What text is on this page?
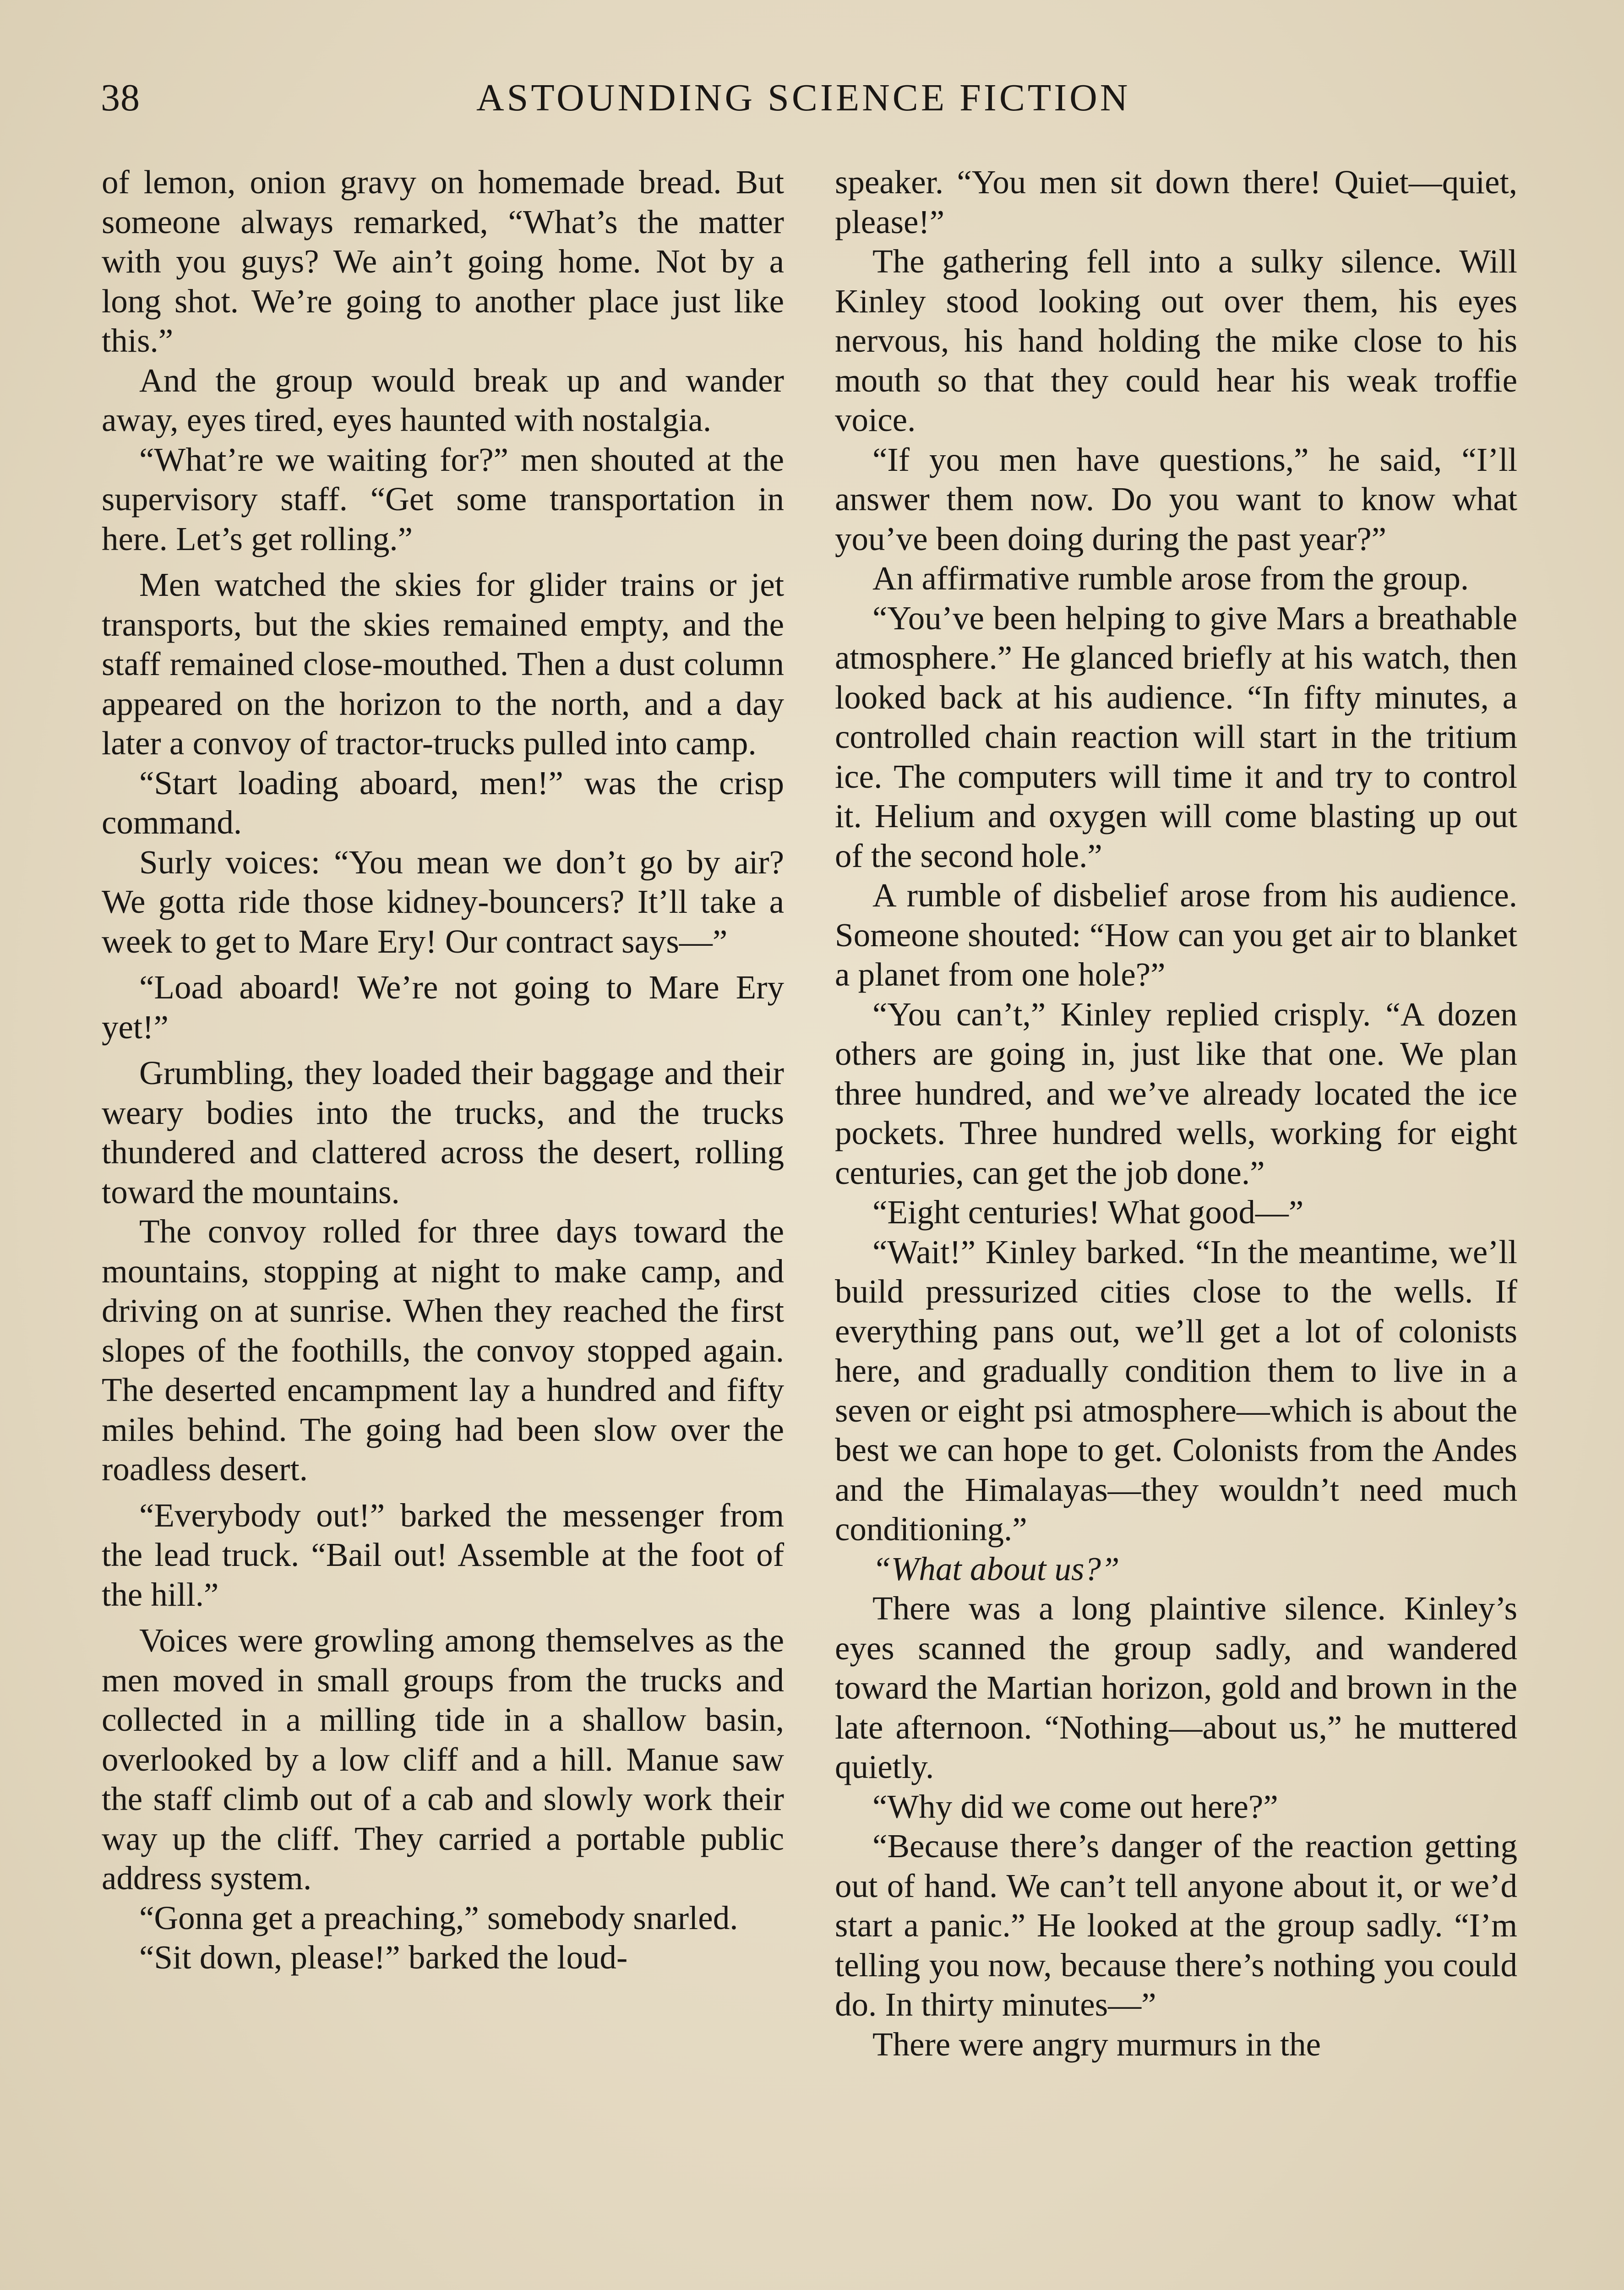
38	ASTOUNDING SCIENCE FICTION

of lemon, onion gravy on homemade bread. But someone always remarked, “What’s the matter with you guys? We ain’t going home. Not by a long shot. We’re going to another place just like this.”

And the group would break up and wander away, eyes tired, eyes haunted with nostalgia.

“What’re we waiting for?” men shouted at the supervisory staff. “Get some transportation in here. Let’s get rolling.”

Men watched the skies for glider trains or jet transports, but the skies remained empty, and the staff remained close-mouthed. Then a dust column appeared on the horizon to the north, and a day later a convoy of tractor-trucks pulled into camp.

“Start loading aboard, men!” was the crisp command.

Surly voices: “You mean we don’t go by air? We gotta ride those kidney-bouncers? It’ll take a week to get to Mare Ery! Our contract says—”

“Load aboard! We’re not going to Mare Ery yet!”

Grumbling, they loaded their baggage and their weary bodies into the trucks, and the trucks thundered and clattered across the desert, rolling toward the mountains.

The convoy rolled for three days toward the mountains, stopping at night to make camp, and driving on at sunrise. When they reached the first slopes of the foothills, the convoy stopped again. The deserted encampment lay a hundred and fifty miles behind. The going had been slow over the roadless desert.

“Everybody out!” barked the messenger from the lead truck. “Bail out! Assemble at the foot of the hill.”

Voices were growling among themselves as the men moved in small groups from the trucks and collected in a milling tide in a shallow basin, overlooked by a low cliff and a hill. Manue saw the staff climb out of a cab and slowly work their way up the cliff. They carried a portable public address system.

“Gonna get a preaching,” somebody snarled.

“Sit down, please!” barked the loud-

speaker. “You men sit down there! Quiet—quiet, please!”

The gathering fell into a sulky silence. Will Kinley stood looking out over them, his eyes nervous, his hand holding the mike close to his mouth so that they could hear his weak troffie voice.

“If you men have questions,” he said, “I’ll answer them now. Do you want to know what you’ve been doing during the past year?”

An affirmative rumble arose from the group.

“You’ve been helping to give Mars a breathable atmosphere.” He glanced briefly at his watch, then looked back at his audience. “In fifty minutes, a controlled chain reaction will start in the tritium ice. The computers will time it and try to control it. Helium and oxygen will come blasting up out of the second hole.”

A rumble of disbelief arose from his audience. Someone shouted: “How can you get air to blanket a planet from one hole?”

“You can’t,” Kinley replied crisply. “A dozen others are going in, just like that one. We plan three hundred, and we’ve already located the ice pockets. Three hundred wells, working for eight centuries, can get the job done.”

“Eight centuries! What good—”

“Wait!” Kinley barked. “In the meantime, we’ll build pressurized cities close to the wells. If everything pans out, we’ll get a lot of colonists here, and gradually condition them to live in a seven or eight psi atmosphere—which is about the best we can hope to get. Colonists from the Andes and the Himalayas—they wouldn’t need much conditioning.”

“What about us?”

There was a long plaintive silence. Kinley’s eyes scanned the group sadly, and wandered toward the Martian horizon, gold and brown in the late afternoon. “Nothing—about us,” he muttered quietly.

“Why did we come out here?”

“Because there’s danger of the reaction getting out of hand. We can’t tell anyone about it, or we’d start a panic.” He looked at the group sadly. “I’m telling you now, because there’s nothing you could do. In thirty minutes—”

There were angry murmurs in the
